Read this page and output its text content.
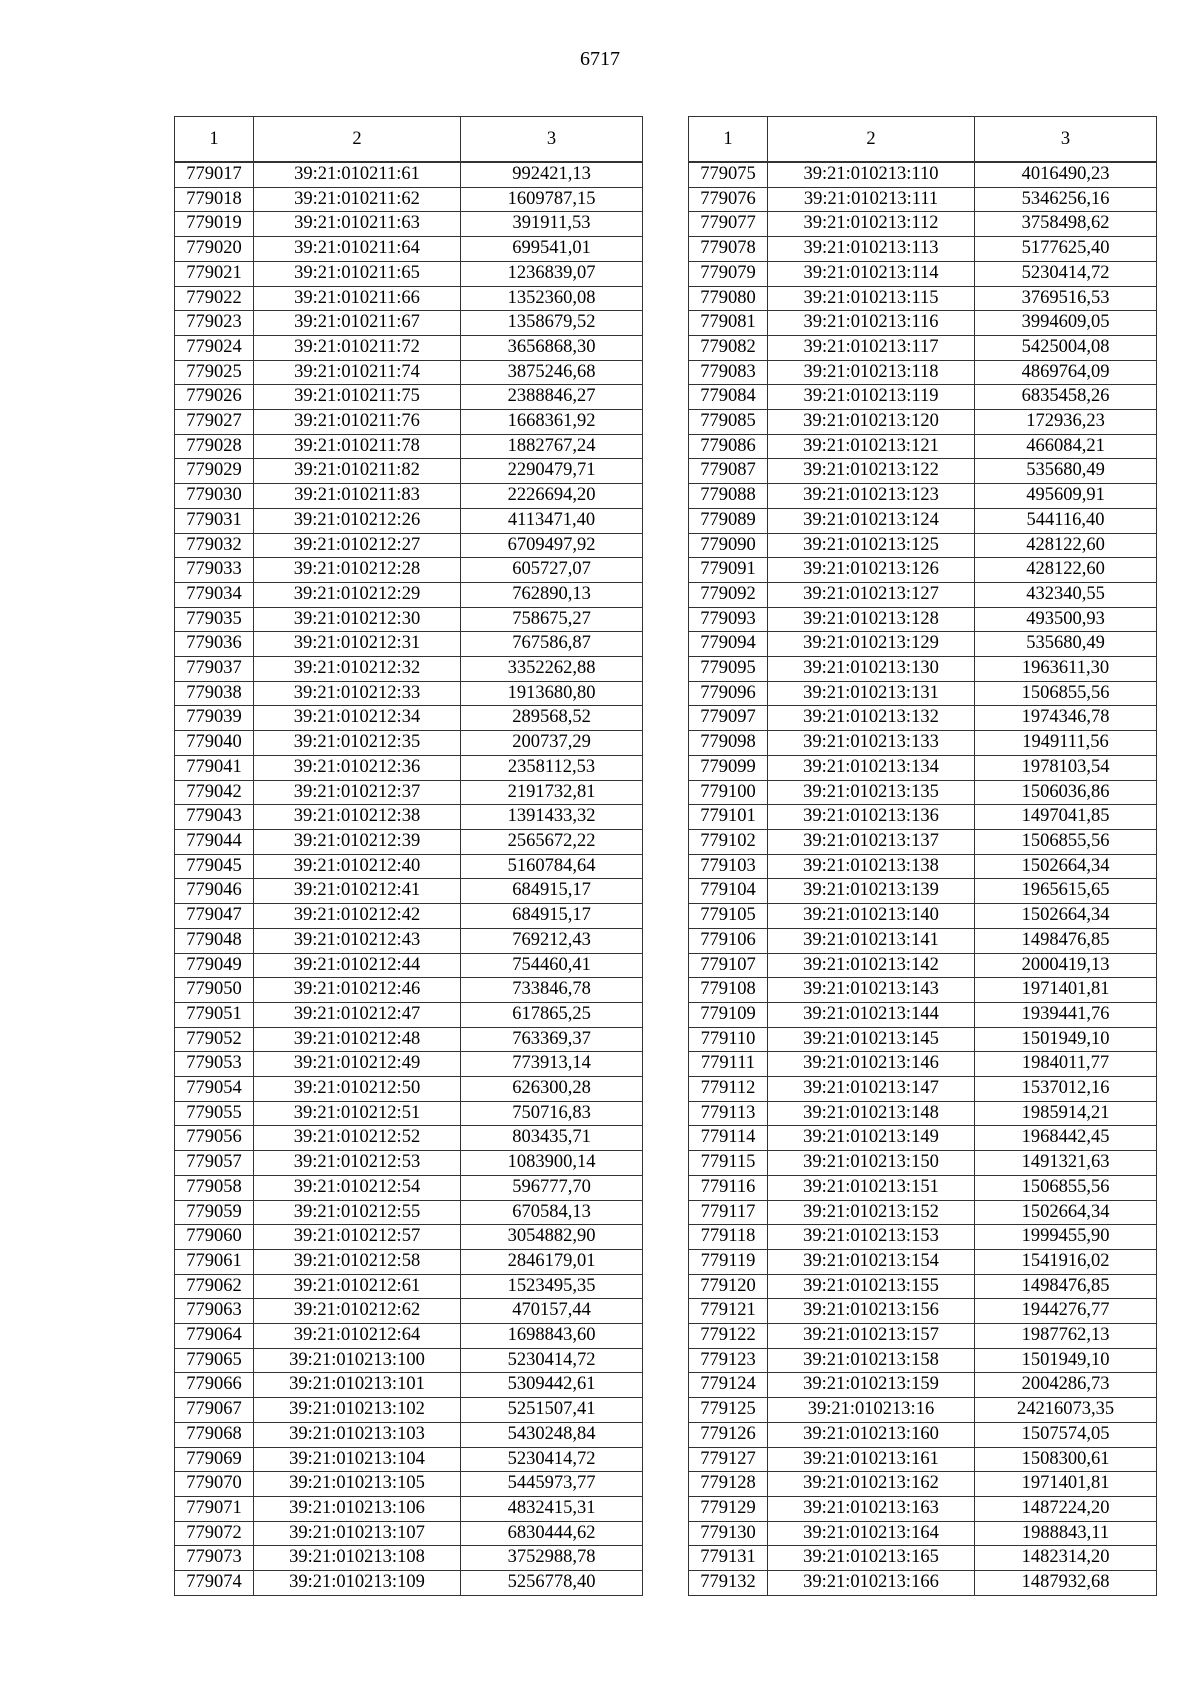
6717
1	2	3
779017	39:21:010211:61	992421,13
779018	39:21:010211:62	1609787,15
779019	39:21:010211:63	391911,53
779020	39:21:010211:64	699541,01
779021	39:21:010211:65	1236839,07
779022	39:21:010211:66	1352360,08
779023	39:21:010211:67	1358679,52
779024	39:21:010211:72	3656868,30
779025	39:21:010211:74	3875246,68
779026	39:21:010211:75	2388846,27
779027	39:21:010211:76	1668361,92
779028	39:21:010211:78	1882767,24
779029	39:21:010211:82	2290479,71
779030	39:21:010211:83	2226694,20
779031	39:21:010212:26	4113471,40
779032	39:21:010212:27	6709497,92
779033	39:21:010212:28	605727,07
779034	39:21:010212:29	762890,13
779035	39:21:010212:30	758675,27
779036	39:21:010212:31	767586,87
779037	39:21:010212:32	3352262,88
779038	39:21:010212:33	1913680,80
779039	39:21:010212:34	289568,52
779040	39:21:010212:35	200737,29
779041	39:21:010212:36	2358112,53
779042	39:21:010212:37	2191732,81
779043	39:21:010212:38	1391433,32
779044	39:21:010212:39	2565672,22
779045	39:21:010212:40	5160784,64
779046	39:21:010212:41	684915,17
779047	39:21:010212:42	684915,17
779048	39:21:010212:43	769212,43
779049	39:21:010212:44	754460,41
779050	39:21:010212:46	733846,78
779051	39:21:010212:47	617865,25
779052	39:21:010212:48	763369,37
779053	39:21:010212:49	773913,14
779054	39:21:010212:50	626300,28
779055	39:21:010212:51	750716,83
779056	39:21:010212:52	803435,71
779057	39:21:010212:53	1083900,14
779058	39:21:010212:54	596777,70
779059	39:21:010212:55	670584,13
779060	39:21:010212:57	3054882,90
779061	39:21:010212:58	2846179,01
779062	39:21:010212:61	1523495,35
779063	39:21:010212:62	470157,44
779064	39:21:010212:64	1698843,60
779065	39:21:010213:100	5230414,72
779066	39:21:010213:101	5309442,61
779067	39:21:010213:102	5251507,41
779068	39:21:010213:103	5430248,84
779069	39:21:010213:104	5230414,72
779070	39:21:010213:105	5445973,77
779071	39:21:010213:106	4832415,31
779072	39:21:010213:107	6830444,62
779073	39:21:010213:108	3752988,78
779074	39:21:010213:109	5256778,40
1	2	3
779075	39:21:010213:110	4016490,23
779076	39:21:010213:111	5346256,16
779077	39:21:010213:112	3758498,62
779078	39:21:010213:113	5177625,40
779079	39:21:010213:114	5230414,72
779080	39:21:010213:115	3769516,53
779081	39:21:010213:116	3994609,05
779082	39:21:010213:117	5425004,08
779083	39:21:010213:118	4869764,09
779084	39:21:010213:119	6835458,26
779085	39:21:010213:120	172936,23
779086	39:21:010213:121	466084,21
779087	39:21:010213:122	535680,49
779088	39:21:010213:123	495609,91
779089	39:21:010213:124	544116,40
779090	39:21:010213:125	428122,60
779091	39:21:010213:126	428122,60
779092	39:21:010213:127	432340,55
779093	39:21:010213:128	493500,93
779094	39:21:010213:129	535680,49
779095	39:21:010213:130	1963611,30
779096	39:21:010213:131	1506855,56
779097	39:21:010213:132	1974346,78
779098	39:21:010213:133	1949111,56
779099	39:21:010213:134	1978103,54
779100	39:21:010213:135	1506036,86
779101	39:21:010213:136	1497041,85
779102	39:21:010213:137	1506855,56
779103	39:21:010213:138	1502664,34
779104	39:21:010213:139	1965615,65
779105	39:21:010213:140	1502664,34
779106	39:21:010213:141	1498476,85
779107	39:21:010213:142	2000419,13
779108	39:21:010213:143	1971401,81
779109	39:21:010213:144	1939441,76
779110	39:21:010213:145	1501949,10
779111	39:21:010213:146	1984011,77
779112	39:21:010213:147	1537012,16
779113	39:21:010213:148	1985914,21
779114	39:21:010213:149	1968442,45
779115	39:21:010213:150	1491321,63
779116	39:21:010213:151	1506855,56
779117	39:21:010213:152	1502664,34
779118	39:21:010213:153	1999455,90
779119	39:21:010213:154	1541916,02
779120	39:21:010213:155	1498476,85
779121	39:21:010213:156	1944276,77
779122	39:21:010213:157	1987762,13
779123	39:21:010213:158	1501949,10
779124	39:21:010213:159	2004286,73
779125	39:21:010213:16	24216073,35
779126	39:21:010213:160	1507574,05
779127	39:21:010213:161	1508300,61
779128	39:21:010213:162	1971401,81
779129	39:21:010213:163	1487224,20
779130	39:21:010213:164	1988843,11
779131	39:21:010213:165	1482314,20
779132	39:21:010213:166	1487932,68
